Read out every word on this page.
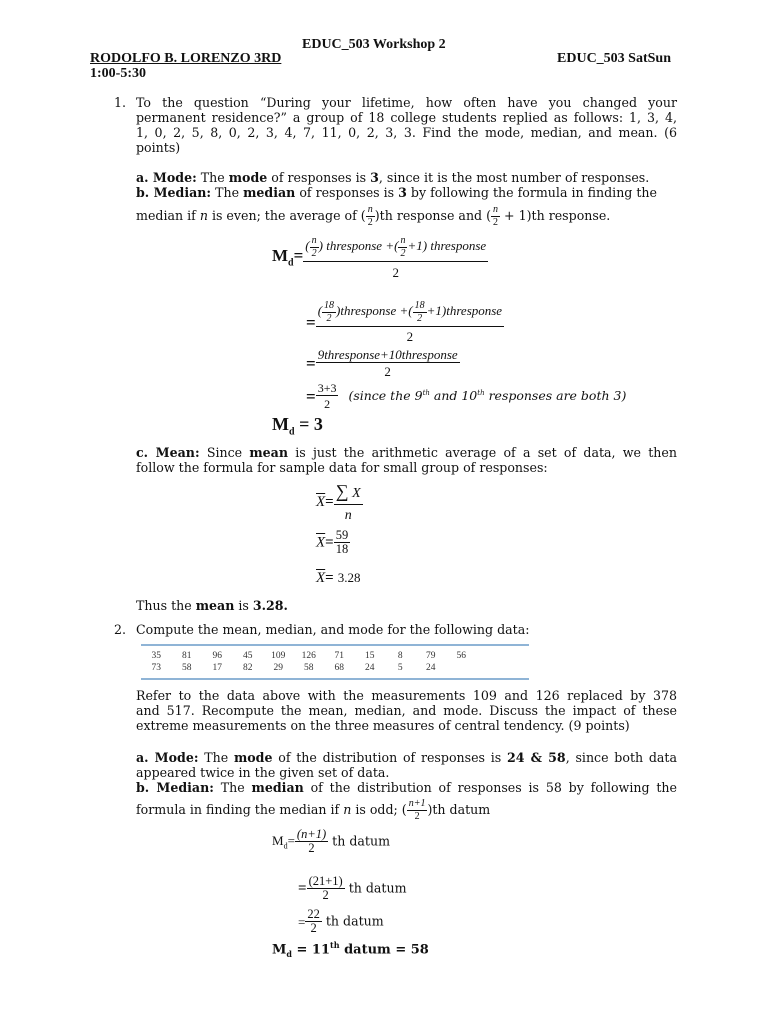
EDUC_503 Workshop 2
RODOLFO B. LORENZO 3RD	EDUC_503 SatSun
1:00-5:30
1. To the question “During your lifetime, how often have you changed your
permanent residence?” a group of 18 college students replied as follows: 1, 3, 4,
1, 0, 2, 5, 8, 0, 2, 3, 4, 7, 11, 0, 2, 3, 3. Find the mode, median, and mean. (6
points)
a. Mode: The mode of responses is 3, since it is the most number of responses.
b. Median: The median of responses is 3 by following the formula in finding the
median if n is even; the average of ( $\frac{n}{2} )th$ response and ( $\frac{n}{2} + 1)th$ response.
$M_d= \frac{( \frac{n}{2} ) thresponse +( \frac{n}{2} +1) thresponse}{2}$
= $\frac{( \frac{18}{2} )thresponse +( \frac{18}{2} +1)thresponse}{2}$
= $\frac{\text{9thresponse+10thresponse}}{2}$
= $\frac{3+3}{2}$ (since the 9th and 10th responses are both 3)
$M_d = 3$
c. Mean: Since mean is just the arithmetic average of a set of data, we then
follow the formula for sample data for small group of responses:
$\overline{X}= \frac{\sum X}{n}$
$\overline{X}= \frac{59}{18}$
$\overline{X}= 3.28$
Thus the mean is 3.28.
2. Compute the mean, median, and mode for the following data:
35	81	96	45	109	126	71	15	8	79	56
73	58	17	82	29	58	68	24	5	24	
Refer to the data above with the measurements 109 and 126 replaced by 378
and 517. Recompute the mean, median, and mode. Discuss the impact of these
extreme measurements on the three measures of central tendency. (9 points)
a. Mode: The mode of the distribution of responses is 24 & 58, since both data
appeared twice in the given set of data.
b. Median: The median of the distribution of responses is 58 by following the
formula in finding the median if n is odd; ( $\frac{n+1}{2} )th$ datum
$M_d= \frac{(n+1)}{2}$ th datum
= $\frac{(21+1)}{2}$ th datum
= $\frac{22}{2}$ th datum
$M_d = 11th$ datum = 58
